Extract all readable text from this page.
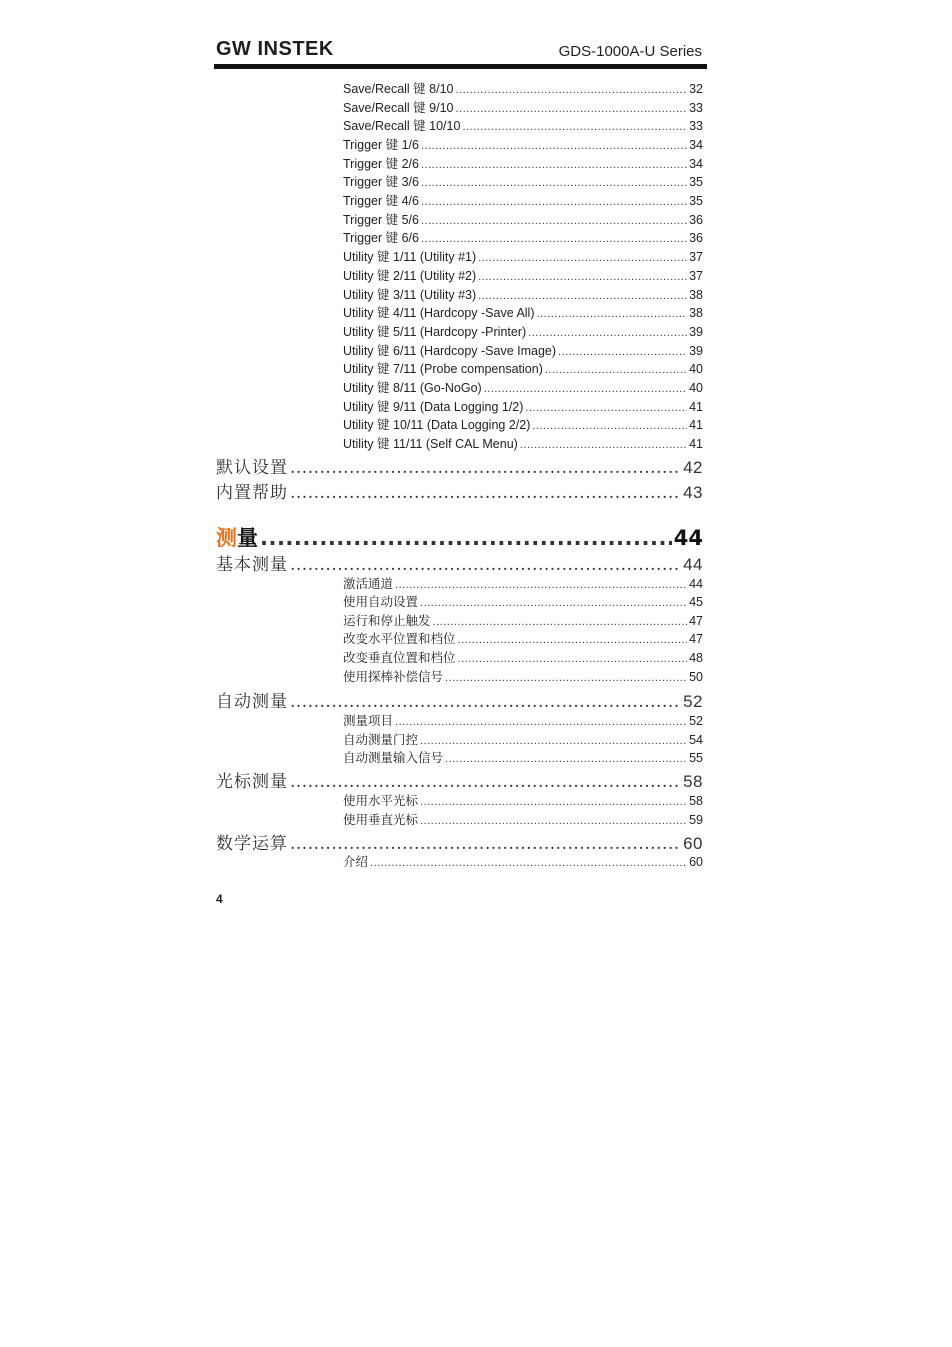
GW INSTEK	GDS-1000A-U Series
Save/Recall 键 8/10 .....	32
Save/Recall 键 9/10 .....	33
Save/Recall 键 10/10 .....	33
Trigger 键 1/6 .....	34
Trigger 键 2/6 .....	34
Trigger 键 3/6 .....	35
Trigger 键 4/6 .....	35
Trigger 键 5/6 .....	36
Trigger 键 6/6 .....	36
Utility 键 1/11 (Utility #1) .....	37
Utility 键 2/11 (Utility #2) .....	37
Utility 键 3/11 (Utility #3) .....	38
Utility 键 4/11 (Hardcopy -Save All) .....	38
Utility 键 5/11 (Hardcopy -Printer) .....	39
Utility 键 6/11 (Hardcopy -Save Image) .....	39
Utility 键 7/11 (Probe compensation) .....	40
Utility 键 8/11 (Go-NoGo) .....	40
Utility 键 9/11 (Data Logging 1/2) .....	41
Utility 键 10/11 (Data Logging 2/2) .....	41
Utility 键 11/11 (Self CAL Menu) .....	41
默认设置 .....	42
内置帮助 .....	43
测量 .....	44
基本测量 .....	44
激活通道 .....	44
使用自动设置 .....	45
运行和停止触发 .....	47
改变水平位置和档位 .....	47
改变垂直位置和档位 .....	48
使用探棒补偿信号 .....	50
自动测量 .....	52
测量项目 .....	52
自动测量门控 .....	54
自动测量输入信号 .....	55
光标测量 .....	58
使用水平光标 .....	58
使用垂直光标 .....	59
数学运算 .....	60
介绍 .....	60
4
